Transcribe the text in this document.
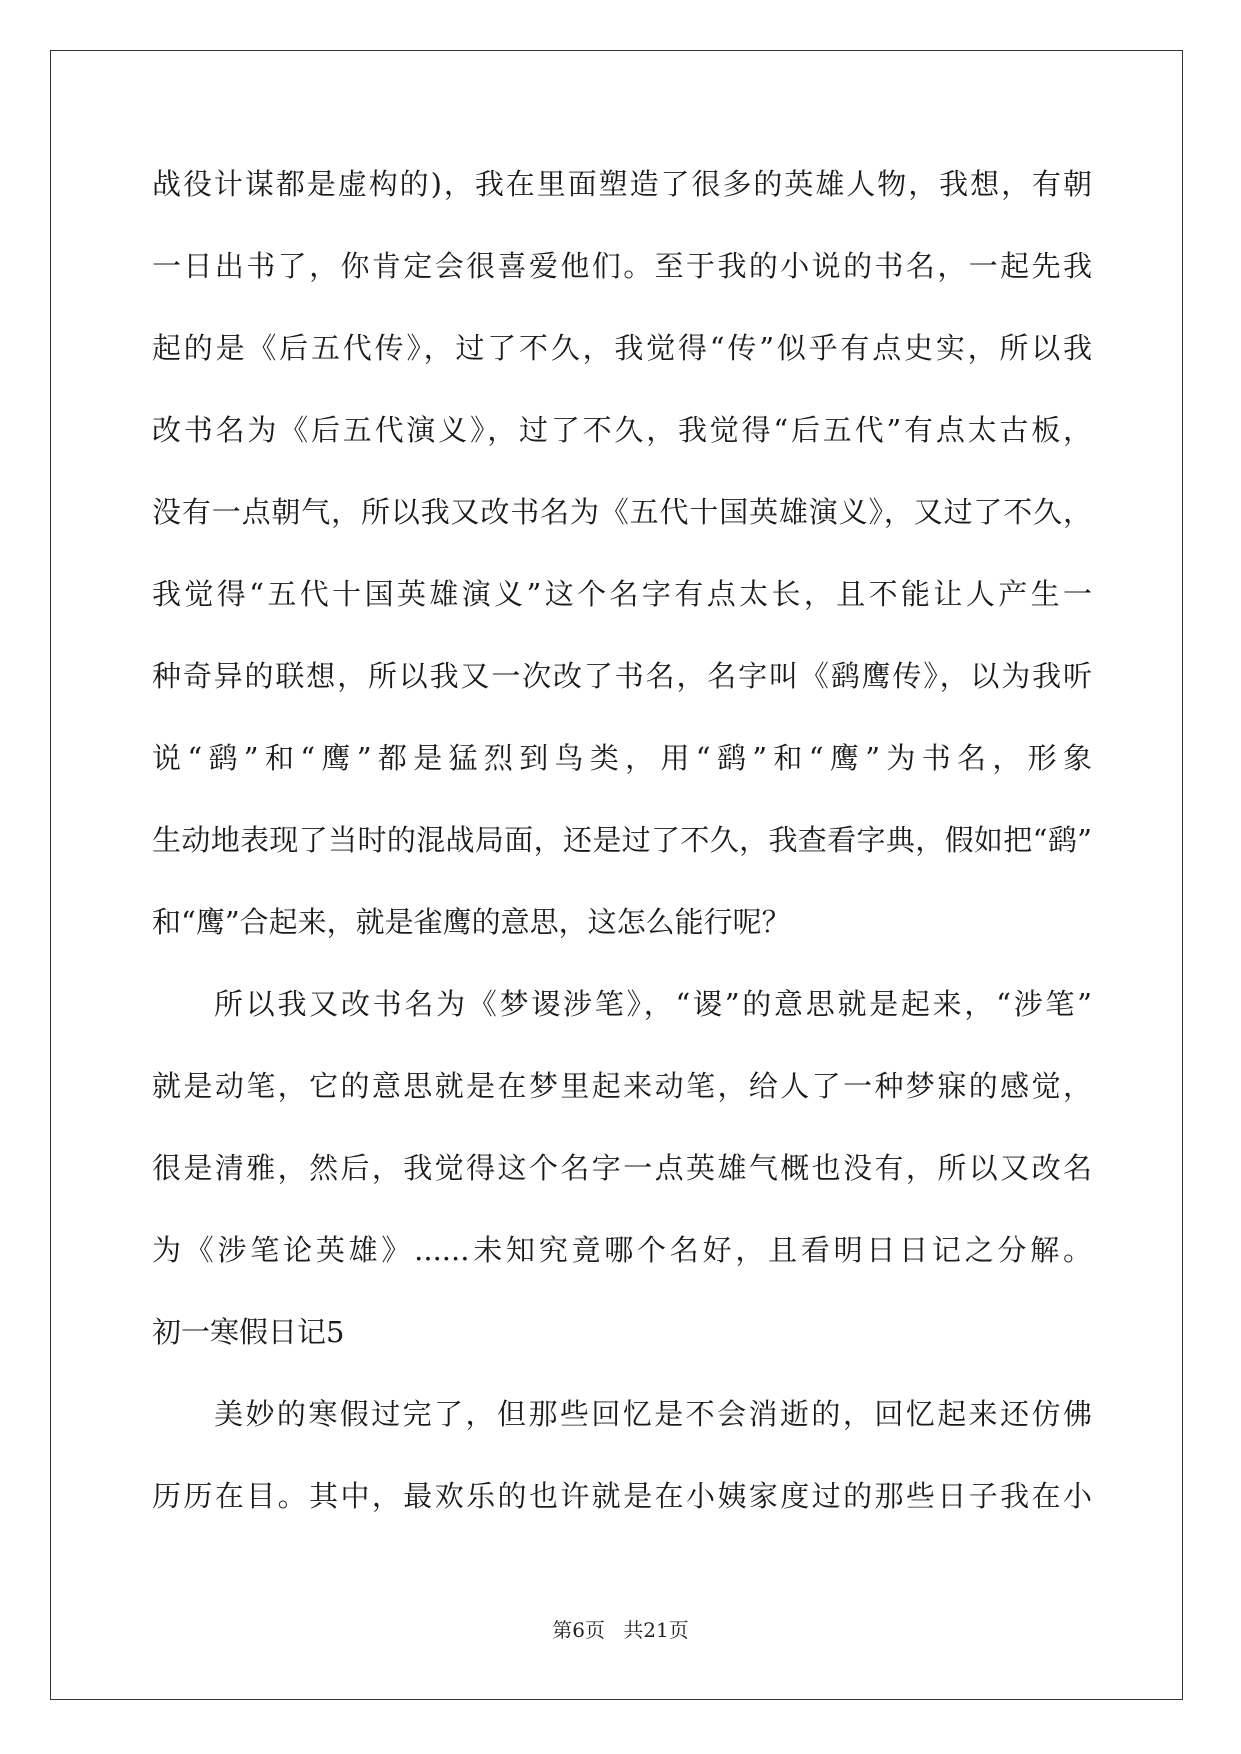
战役计谋都是虚构的)，我在里面塑造了很多的英雄人物，我想，有朝
一日出书了，你肯定会很喜爱他们。至于我的小说的书名，一起先我
起的是《后五代传》，过了不久，我觉得“传”似乎有点史实，所以我
改书名为《后五代演义》，过了不久，我觉得“后五代”有点太古板，
没有一点朝气，所以我又改书名为《五代十国英雄演义》，又过了不久，
我觉得“五代十国英雄演义”这个名字有点太长，且不能让人产生一
种奇异的联想，所以我又一次改了书名，名字叫《鹞鹰传》，以为我听
说“鹞”和“鹰”都是猛烈到鸟类，用“鹞”和“鹰”为书名，形象
生动地表现了当时的混战局面，还是过了不久，我查看字典，假如把“鹞”
和“鹰”合起来，就是雀鹰的意思，这怎么能行呢？
所以我又改书名为《梦谡涉笔》，“谡”的意思就是起来，“涉笔”
就是动笔，它的意思就是在梦里起来动笔，给人了一种梦寐的感觉，
很是清雅，然后，我觉得这个名字一点英雄气概也没有，所以又改名
为《涉笔论英雄》......未知究竟哪个名好，且看明日日记之分解。
初一寒假日记5
美妙的寒假过完了，但那些回忆是不会消逝的，回忆起来还仿佛
历历在目。其中，最欢乐的也许就是在小姨家度过的那些日子我在小
第6页 共21页
